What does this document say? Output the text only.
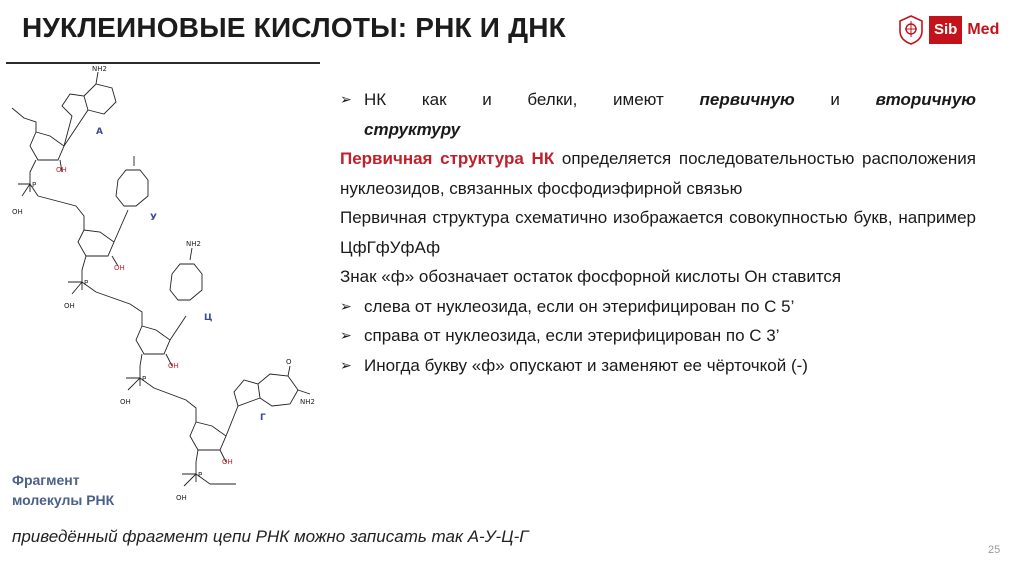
НУКЛЕИНОВЫЕ КИСЛОТЫ: РНК И ДНК	Sib Med
NH2
P
OH
P
OH
NH2
P
OH
P
OH
O
NH2
OH
OH
OH
OH
А
У
Ц
Г
Фрагмент
молекулы РНК
➢ НК как и белки, имеют первичную и вторичную
структуру

Первичная структура НК определяется последовательностью расположения нуклеозидов, связанных фосфодиэфирной связью

Первичная структура схематично изображается совокупностью букв, например ЦфГфУфАф

Знак «ф» обозначает остаток фосфорной кислоты Он ставится

➢ слева от нуклеозида, если он этерифицирован по С 5’
➢ справа от нуклеозида, если этерифицирован по С 3’
➢ Иногда букву «ф» опускают и заменяют ее чёрточкой (-)
приведённый фрагмент цепи РНК можно записать так А-У-Ц-Г
25
